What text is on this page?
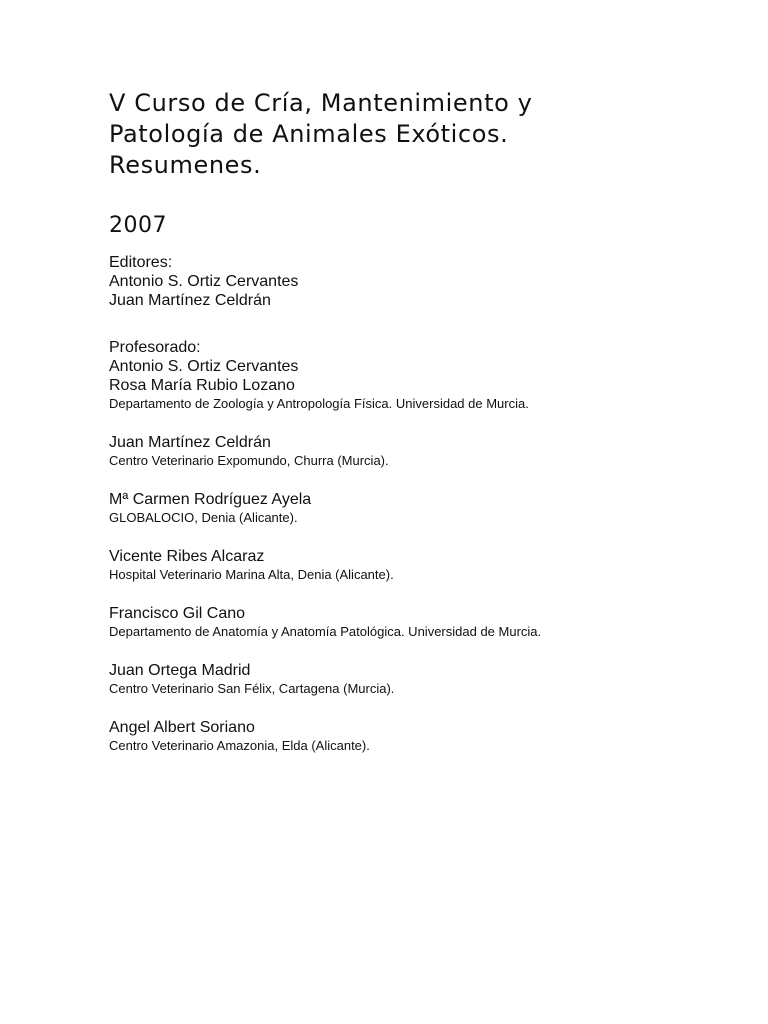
V Curso de Cría, Mantenimiento y
Patología de Animales Exóticos.
Resumenes.
2007
Editores:
Antonio S. Ortiz Cervantes
Juan Martínez Celdrán
Profesorado:
Antonio S. Ortiz Cervantes
Rosa María Rubio Lozano
Departamento de Zoología y Antropología Física. Universidad de Murcia.
Juan Martínez Celdrán
Centro Veterinario Expomundo, Churra (Murcia).
Mª Carmen Rodríguez Ayela
GLOBALOCIO, Denia (Alicante).
Vicente Ribes Alcaraz
Hospital Veterinario Marina Alta, Denia (Alicante).
Francisco Gil Cano
Departamento de Anatomía y Anatomía Patológica. Universidad de Murcia.
Juan Ortega Madrid
Centro Veterinario San Félix, Cartagena (Murcia).
Angel Albert Soriano
Centro Veterinario Amazonia, Elda (Alicante).
